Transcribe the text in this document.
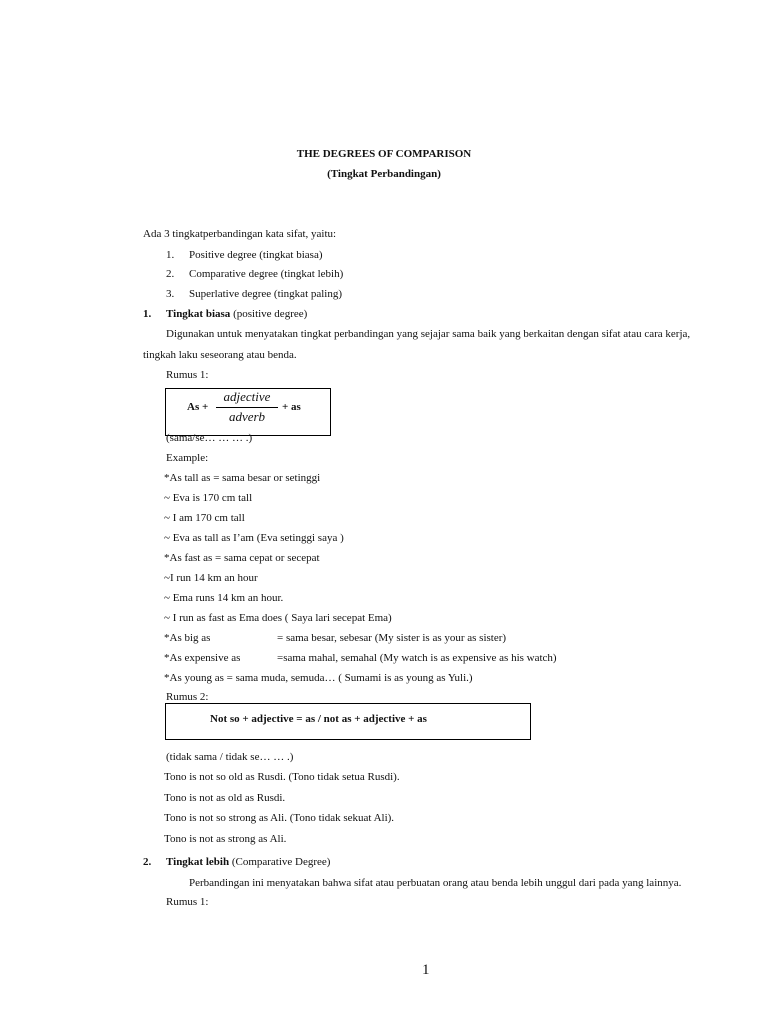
THE DEGREES OF COMPARISON
(Tingkat Perbandingan)
Ada 3 tingkatperbandingan kata sifat, yaitu:
1. Positive degree (tingkat biasa)
2. Comparative degree (tingkat lebih)
3. Superlative degree (tingkat paling)
1. Tingkat biasa (positive degree)
Digunakan untuk menyatakan tingkat perbandingan yang sejajar sama baik yang berkaitan dengan sifat atau cara kerja,
tingkah laku seseorang atau benda.
Rumus 1:
As +
adjective
adverb
+ as
(sama/se… … … .)
Example:
*As tall as = sama besar or setinggi
~ Eva is 170 cm tall
~ I am 170 cm tall
~ Eva as tall as I’am (Eva setinggi saya )
*As fast as = sama cepat or secepat
~I run 14 km an hour
~ Ema runs 14 km an hour.
~ I run as fast as Ema does ( Saya lari secepat Ema)
*As big as	= sama besar, sebesar (My sister is as your as sister)
*As expensive as	=sama mahal, semahal (My watch is as expensive as his watch)
*As young as = sama muda, semuda… ( Sumami is as young as Yuli.)
Rumus 2:
Not so + adjective = as / not as + adjective + as
(tidak sama / tidak se… … .)
Tono is not so old as Rusdi. (Tono tidak setua Rusdi).
Tono is not as old as Rusdi.
Tono is not so strong as Ali. (Tono tidak sekuat Ali).
Tono is not as strong as Ali.
2. Tingkat lebih (Comparative Degree)
Perbandingan ini menyatakan bahwa sifat atau perbuatan orang atau benda lebih unggul dari pada yang lainnya.
Rumus 1:
1
